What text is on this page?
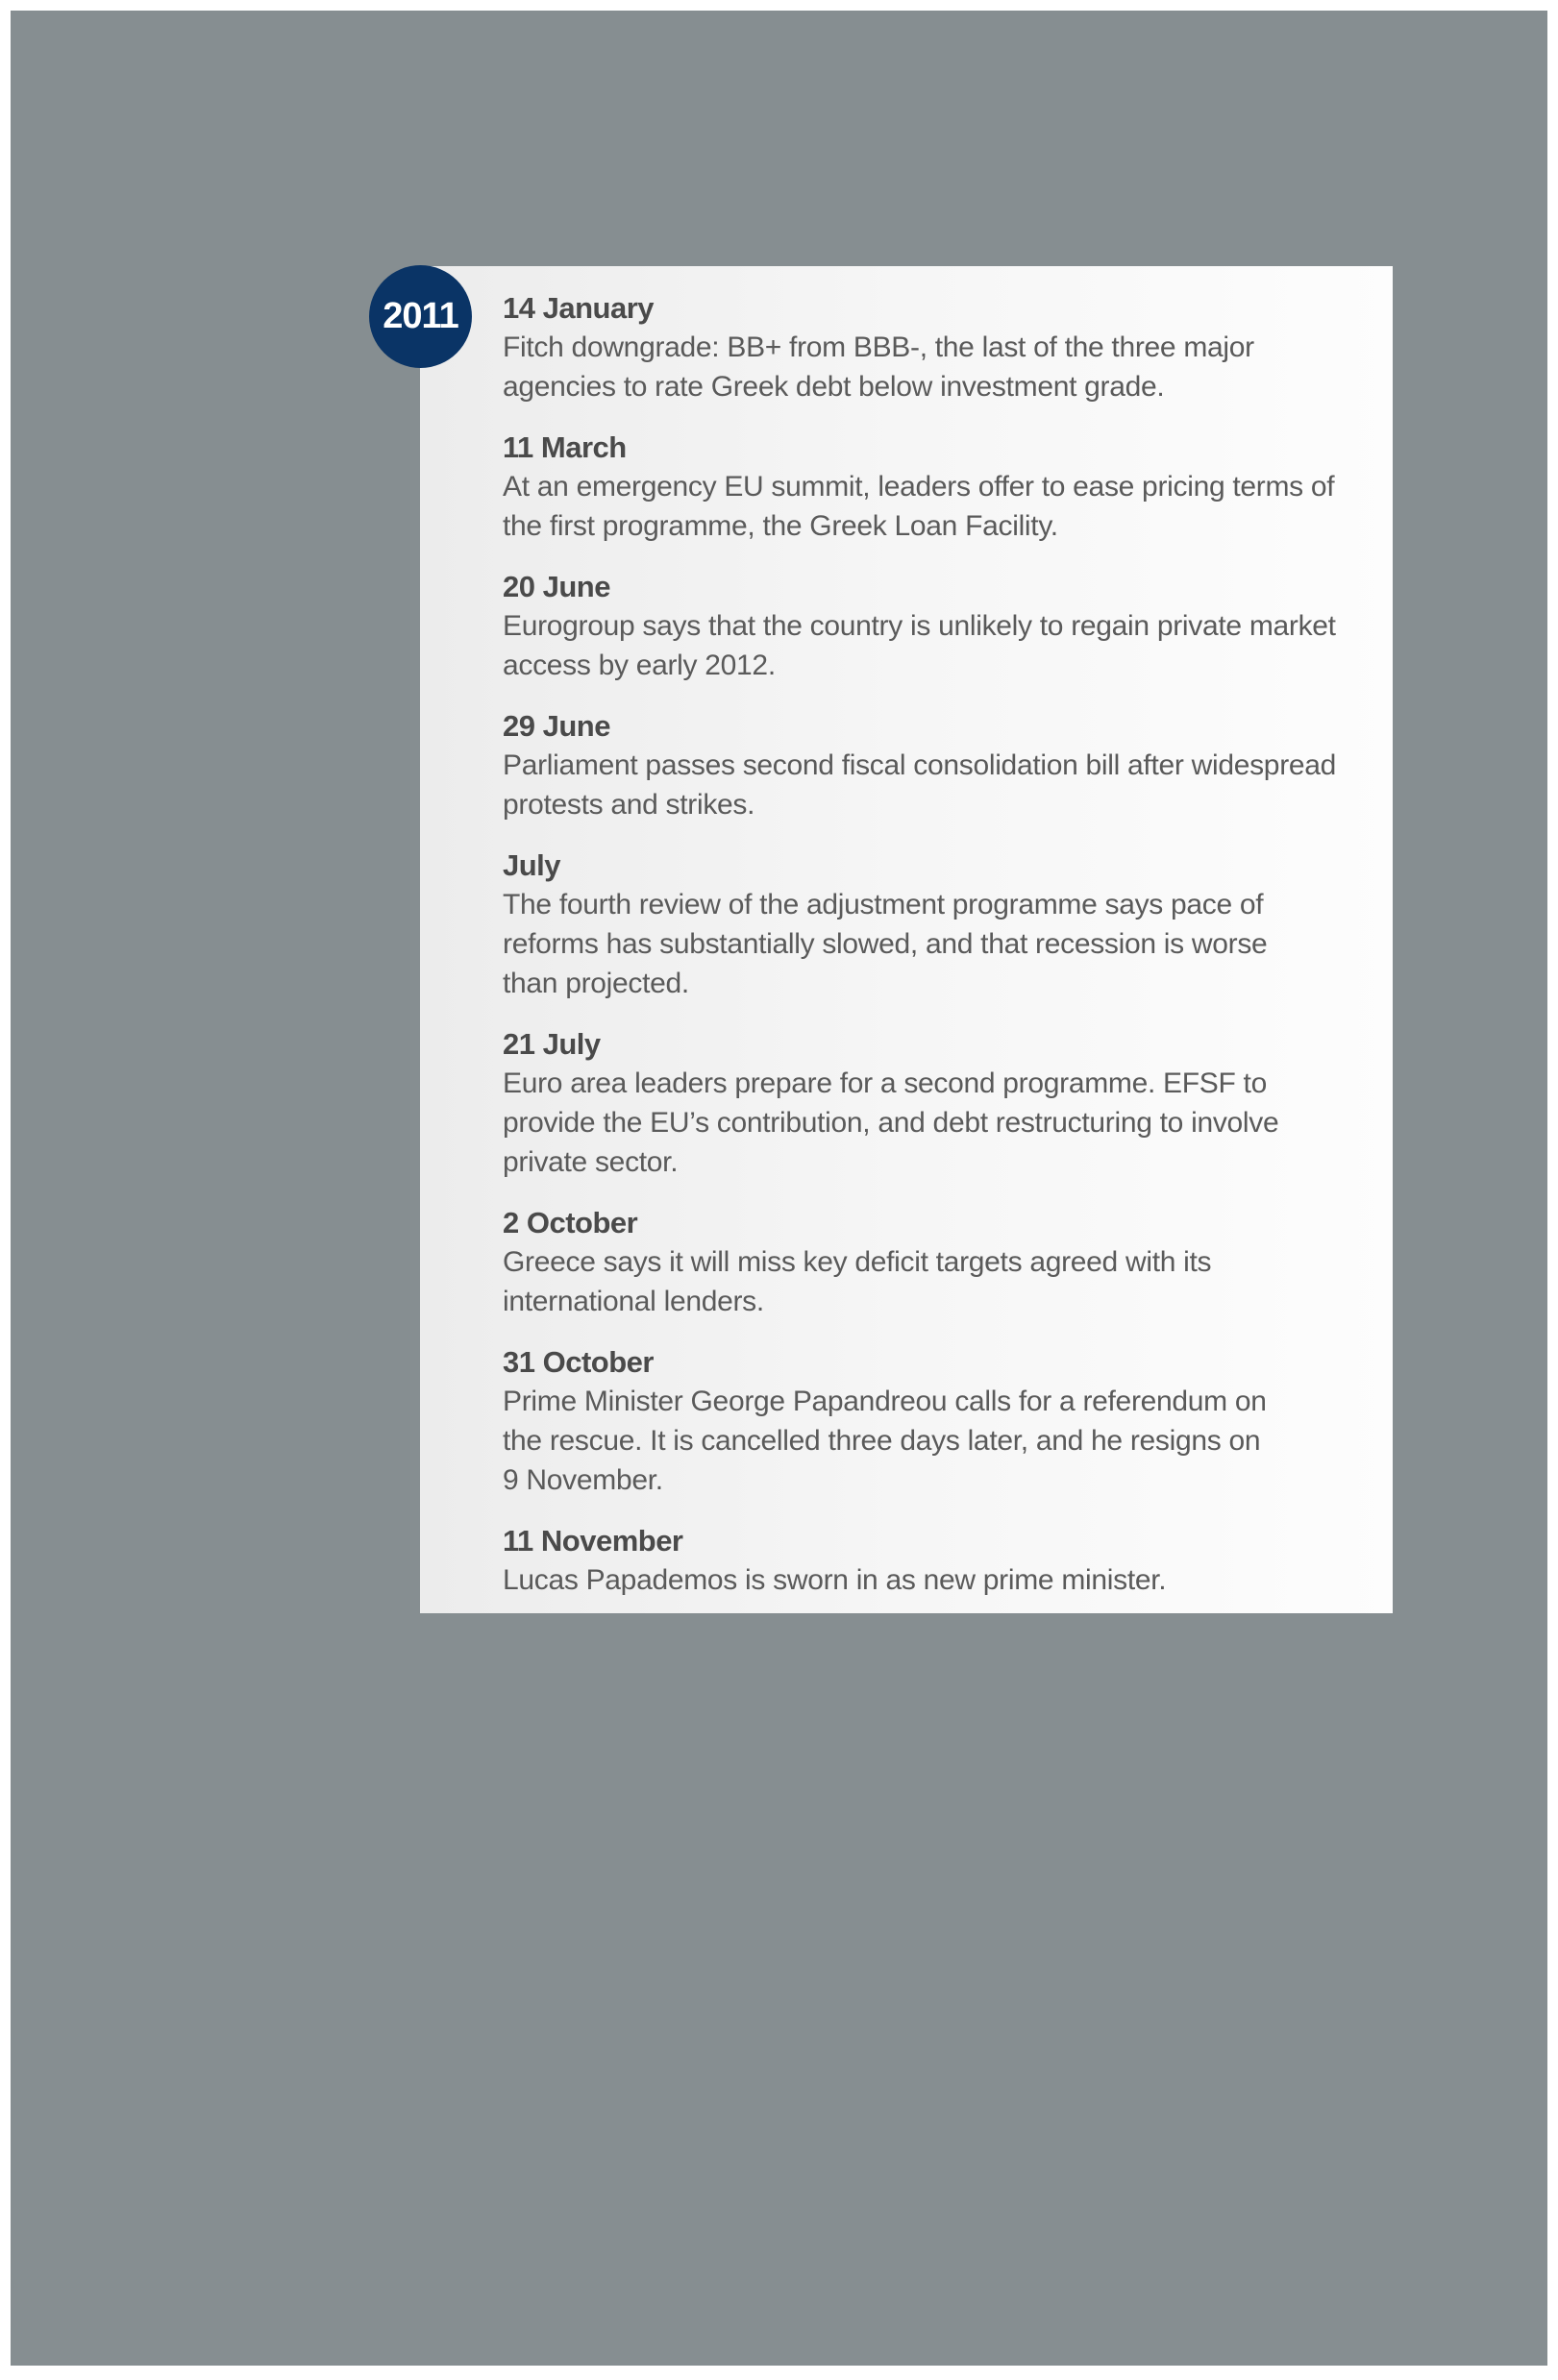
2011 14 January
Fitch downgrade: BB+ from BBB-, the last of the three major
agencies to rate Greek debt below investment grade.
11 March
At an emergency EU summit, leaders offer to ease pricing terms of
the first programme, the Greek Loan Facility.
20 June
Eurogroup says that the country is unlikely to regain private market
access by early 2012.
29 June
Parliament passes second fiscal consolidation bill after widespread
protests and strikes.
July
The fourth review of the adjustment programme says pace of
reforms has substantially slowed, and that recession is worse
than projected.
21 July
Euro area leaders prepare for a second programme. EFSF to
provide the EU’s contribution, and debt restructuring to involve
private sector.
2 October
Greece says it will miss key deficit targets agreed with its
international lenders.
31 October
Prime Minister George Papandreou calls for a referendum on
the rescue. It is cancelled three days later, and he resigns on
9 November.
11 November
Lucas Papademos is sworn in as new prime minister.
